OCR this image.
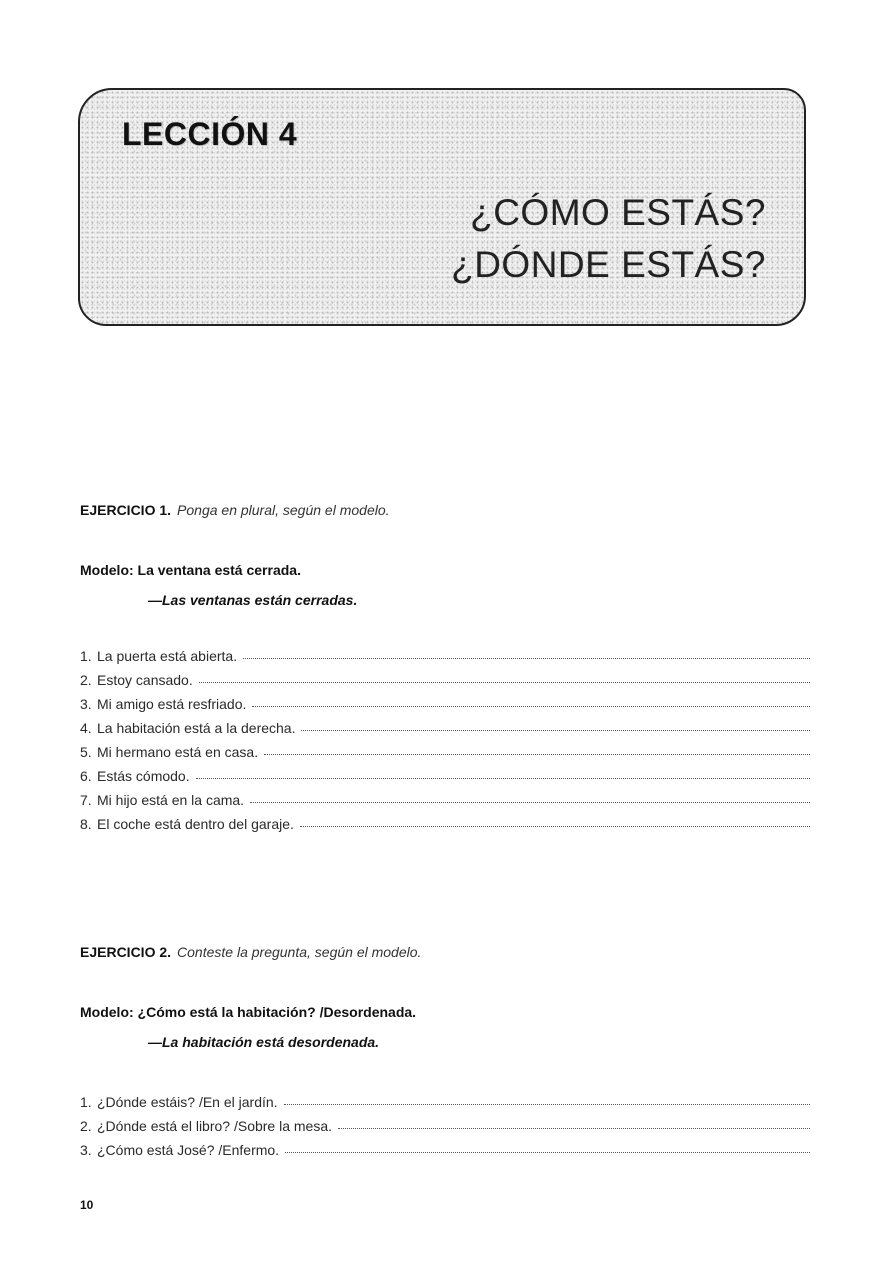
LECCIÓN 4
¿CÓMO ESTÁS?
¿DÓNDE ESTÁS?
EJERCICIO 1. Ponga en plural, según el modelo.
Modelo: La ventana está cerrada.
—Las ventanas están cerradas.
1. La puerta está abierta.
2. Estoy cansado.
3. Mi amigo está resfriado.
4. La habitación está a la derecha.
5. Mi hermano está en casa.
6. Estás cómodo.
7. Mi hijo está en la cama.
8. El coche está dentro del garaje.
EJERCICIO 2. Conteste la pregunta, según el modelo.
Modelo: ¿Cómo está la habitación? /Desordenada.
—La habitación está desordenada.
1. ¿Dónde estáis? /En el jardín.
2. ¿Dónde está el libro? /Sobre la mesa.
3. ¿Cómo está José? /Enfermo.
10
